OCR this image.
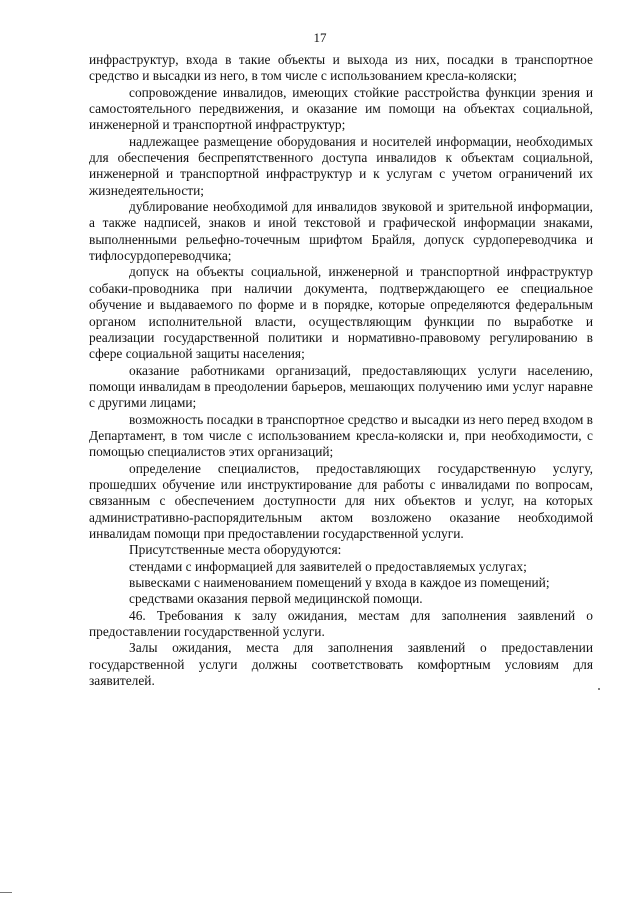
17

инфраструктур, входа в такие объекты и выхода из них, посадки в транспортное средство и высадки из него, в том числе с использованием кресла-коляски;

сопровождение инвалидов, имеющих стойкие расстройства функции зрения и самостоятельного передвижения, и оказание им помощи на объектах социальной, инженерной и транспортной инфраструктур;

надлежащее размещение оборудования и носителей информации, необходимых для обеспечения беспрепятственного доступа инвалидов к объектам социальной, инженерной и транспортной инфраструктур и к услугам с учетом ограничений их жизнедеятельности;

дублирование необходимой для инвалидов звуковой и зрительной информации, а также надписей, знаков и иной текстовой и графической информации знаками, выполненными рельефно-точечным шрифтом Брайля, допуск сурдопереводчика и тифлосурдопереводчика;

допуск на объекты социальной, инженерной и транспортной инфраструктур собаки-проводника при наличии документа, подтверждающего ее специальное обучение и выдаваемого по форме и в порядке, которые определяются федеральным органом исполнительной власти, осуществляющим функции по выработке и реализации государственной политики и нормативно-правовому регулированию в сфере социальной защиты населения;

оказание работниками организаций, предоставляющих услуги населению, помощи инвалидам в преодолении барьеров, мешающих получению ими услуг наравне с другими лицами;

возможность посадки в транспортное средство и высадки из него перед входом в Департамент, в том числе с использованием кресла-коляски и, при необходимости, с помощью специалистов этих организаций;

определение специалистов, предоставляющих государственную услугу, прошедших обучение или инструктирование для работы с инвалидами по вопросам, связанным с обеспечением доступности для них объектов и услуг, на которых административно-распорядительным актом возложено оказание необходимой инвалидам помощи при предоставлении государственной услуги.

Присутственные места оборудуются:

стендами с информацией для заявителей о предоставляемых услугах;

вывесками с наименованием помещений у входа в каждое из помещений;

средствами оказания первой медицинской помощи.

46. Требования к залу ожидания, местам для заполнения заявлений о предоставлении государственной услуги.

Залы ожидания, места для заполнения заявлений о предоставлении государственной услуги должны соответствовать комфортным условиям для заявителей.
